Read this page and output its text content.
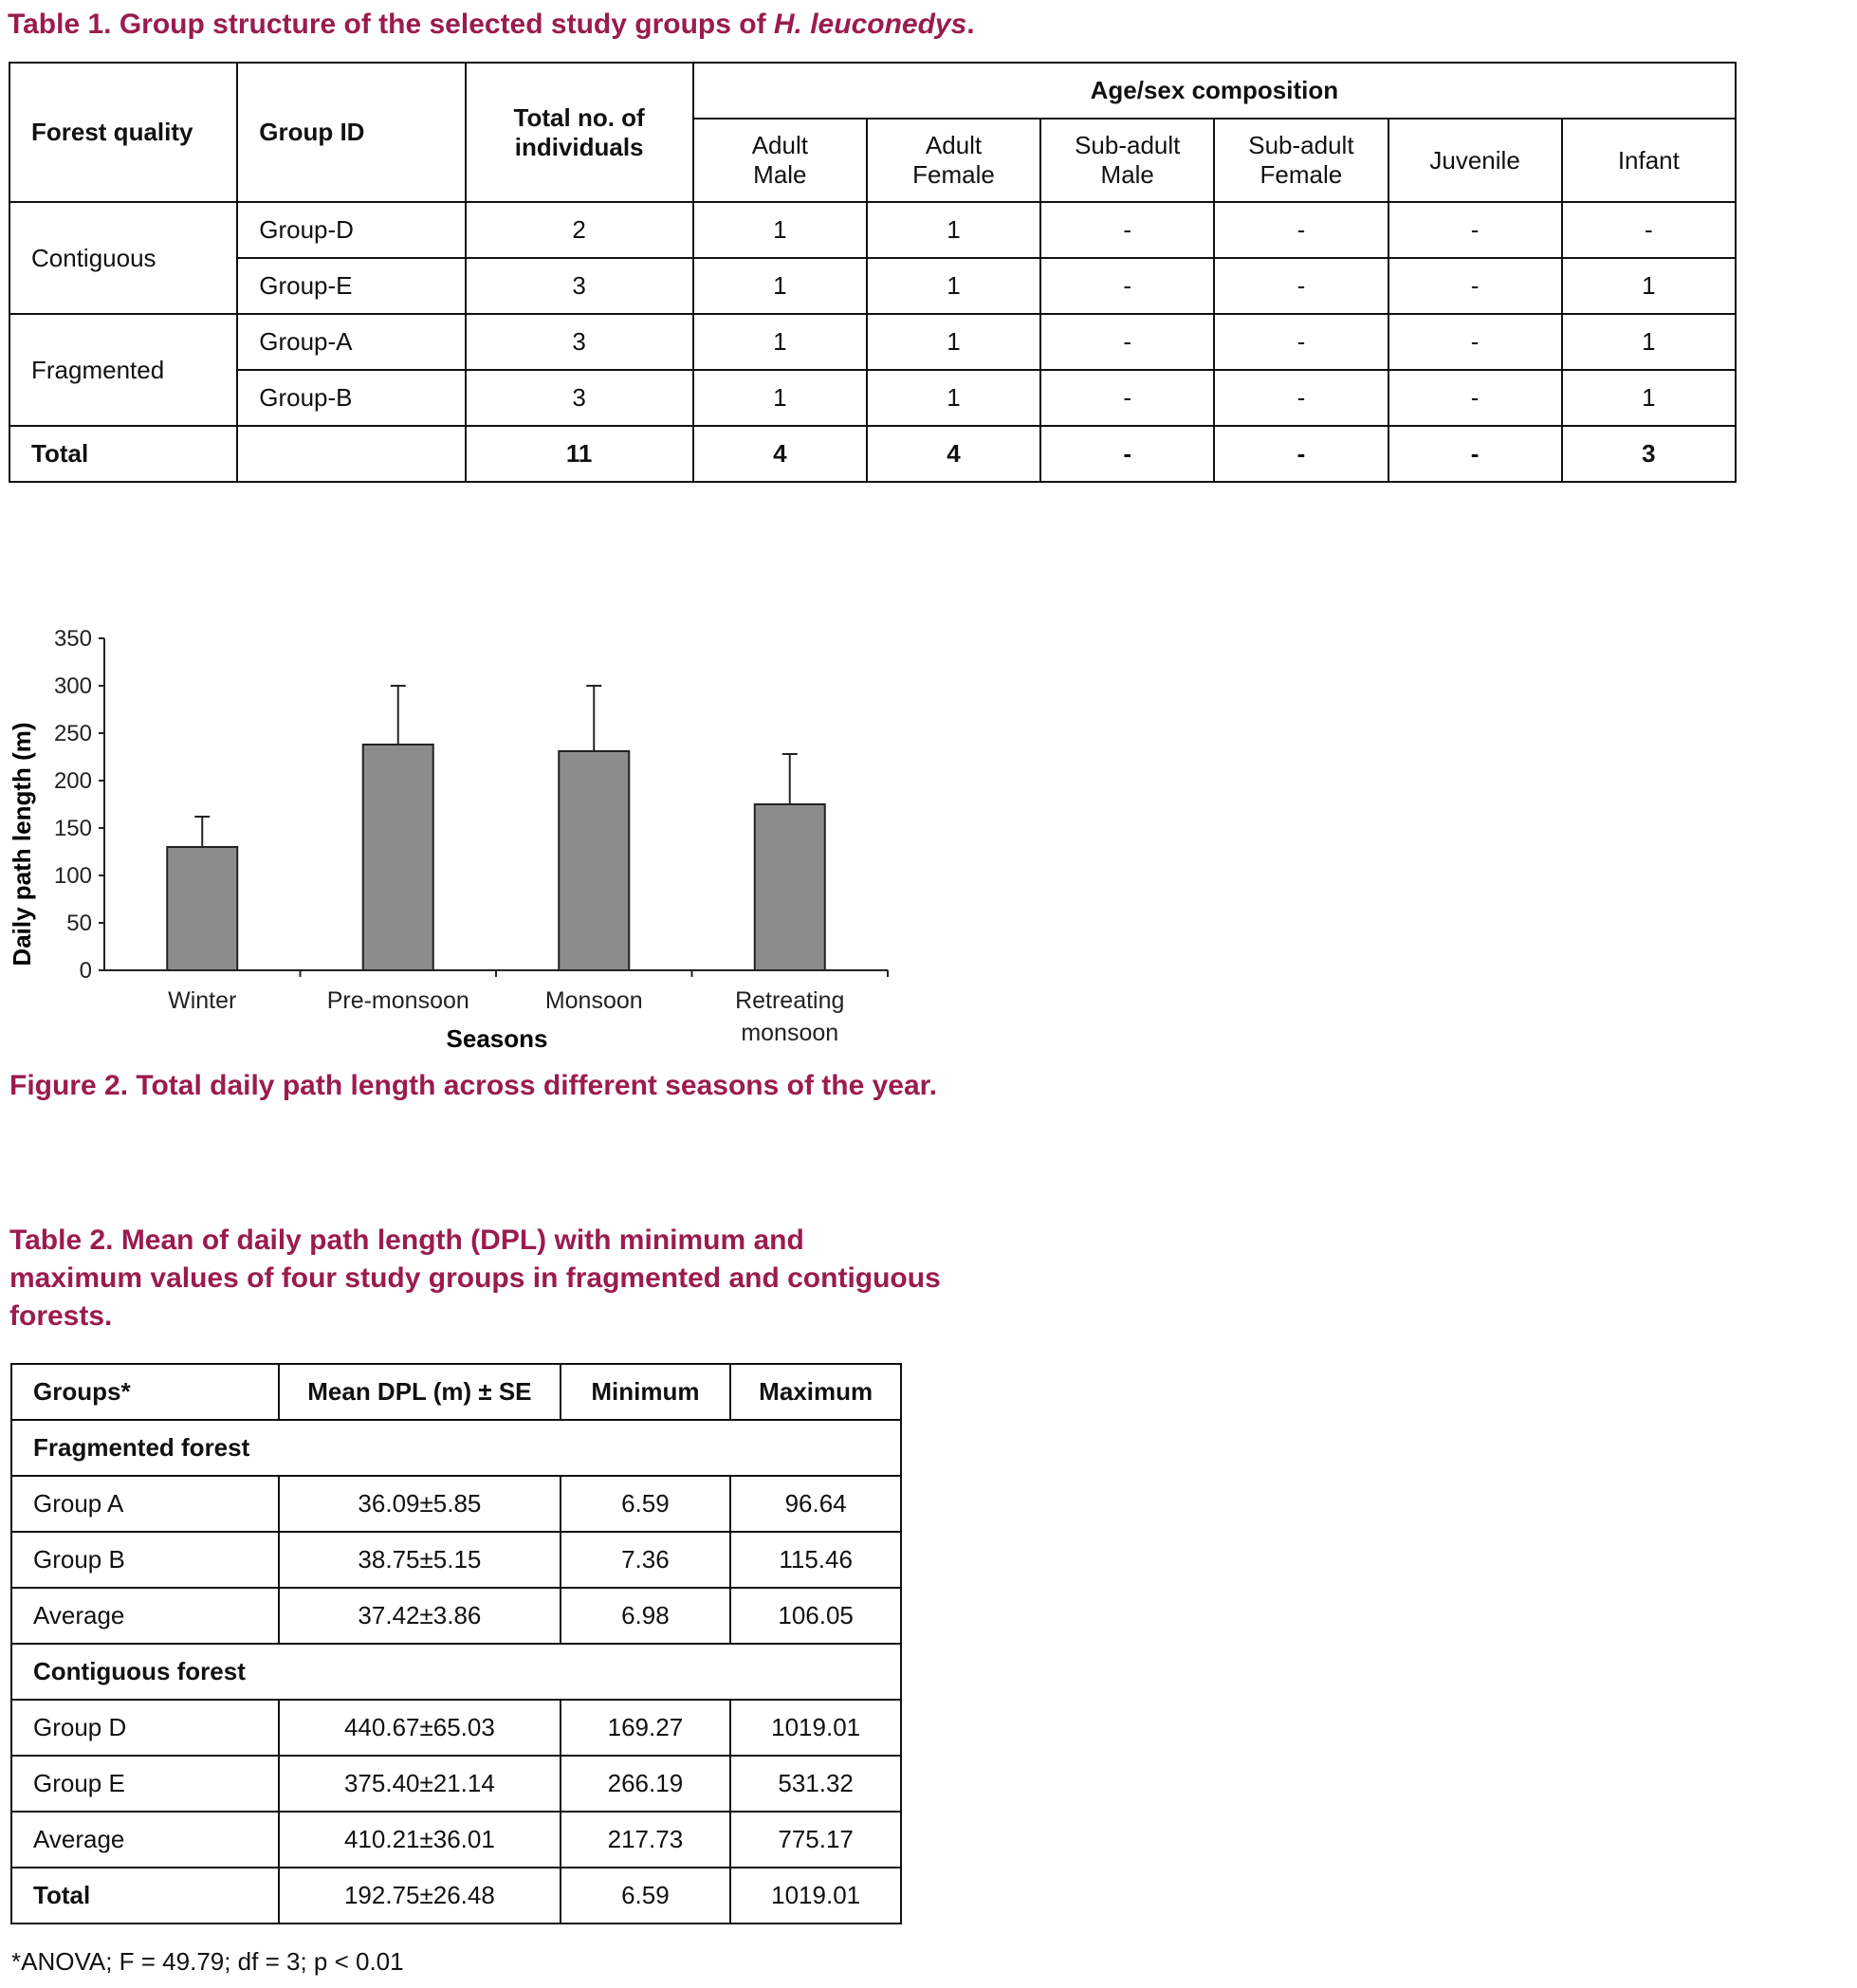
Table 1. Group structure of the selected study groups of H. leuconedys.
Forest quality	Group ID	Total no. of individuals	Age/sex composition					
			Adult Male	Adult Female	Sub-adult Male	Sub-adult Female	Juvenile	Infant
Contiguous	Group-D	2	1	1	-	-	-	-
	Group-E	3	1	1	-	-	-	1
Fragmented	Group-A	3	1	1	-	-	-	1
	Group-B	3	1	1	-	-	-	1
Total		11	4	4	-	-	-	3
0
50
100
150
200
250
300
350
Winter	Pre-monsoon	Monsoon	Retreating monsoon
Daily path length (m)
Seasons
Figure 2. Total daily path length across different seasons of the year.
Table 2. Mean of daily path length (DPL) with minimum and
maximum values of four study groups in fragmented and contiguous
forests.
Groups*	Mean DPL (m) ± SE	Minimum	Maximum
Fragmented forest			
Group A	36.09±5.85	6.59	96.64
Group B	38.75±5.15	7.36	115.46
Average	37.42±3.86	6.98	106.05
Contiguous forest			
Group D	440.67±65.03	169.27	1019.01
Group E	375.40±21.14	266.19	531.32
Average	410.21±36.01	217.73	775.17
Total	192.75±26.48	6.59	1019.01
*ANOVA; F = 49.79; df = 3; p < 0.01
